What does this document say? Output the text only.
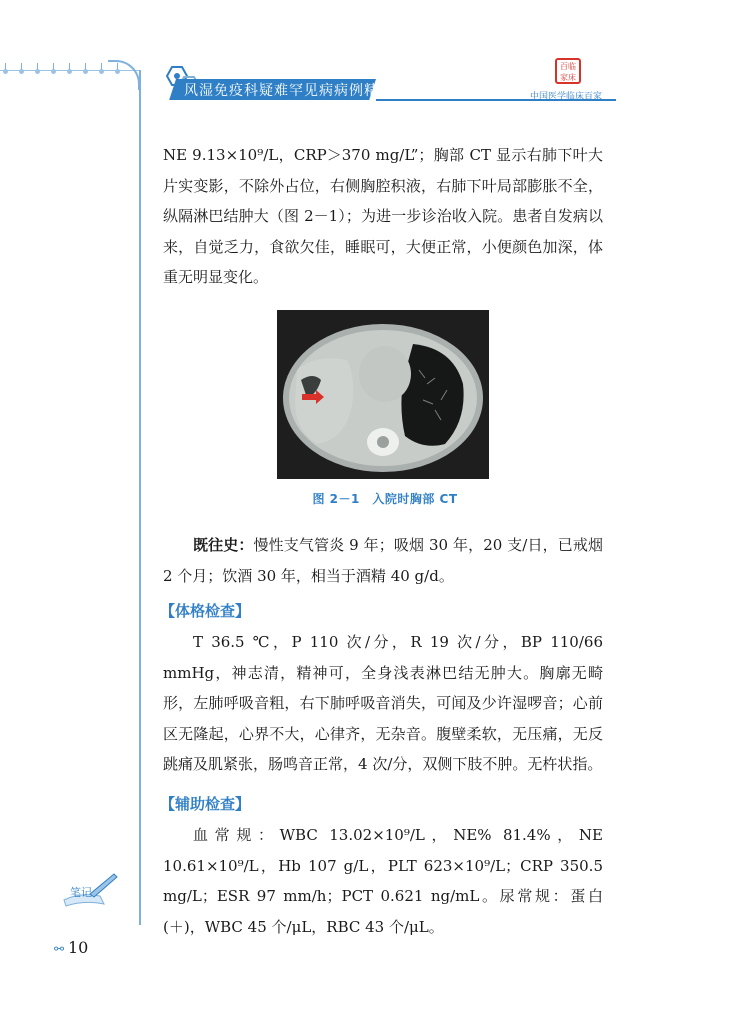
风湿免疫科疑难罕见病病例精解
百临家床
中国医学临床百家

NE 9.13×10⁹/L，CRP＞370 mg/L”；胸部 CT 显示右肺下叶大片实变影，不除外占位，右侧胸腔积液，右肺下叶局部膨胀不全，纵隔淋巴结肿大（图 2－1）；为进一步诊治收入院。患者自发病以来，自觉乏力，食欲欠佳，睡眠可，大便正常，小便颜色加深，体重无明显变化。

图 2－1　入院时胸部 CT

既往史：慢性支气管炎 9 年；吸烟 30 年，20 支/日，已戒烟 2 个月；饮酒 30 年，相当于酒精 40 g/d。

【体格检查】

T 36.5 ℃，P 110 次/分，R 19 次/分，BP 110/66 mmHg，神志清，精神可，全身浅表淋巴结无肿大。胸廓无畸形，左肺呼吸音粗，右下肺呼吸音消失，可闻及少许湿啰音；心前区无隆起，心界不大，心律齐，无杂音。腹壁柔软，无压痛，无反跳痛及肌紧张，肠鸣音正常，4 次/分，双侧下肢不肿。无杵状指。

【辅助检查】

血常规：WBC 13.02×10⁹/L，NE% 81.4%，NE 10.61×10⁹/L，Hb 107 g/L，PLT 623×10⁹/L；CRP 350.5 mg/L；ESR 97 mm/h；PCT 0.621 ng/mL。尿常规：蛋白(＋)，WBC 45 个/μL，RBC 43 个/μL。

笔记
⚯ 10
